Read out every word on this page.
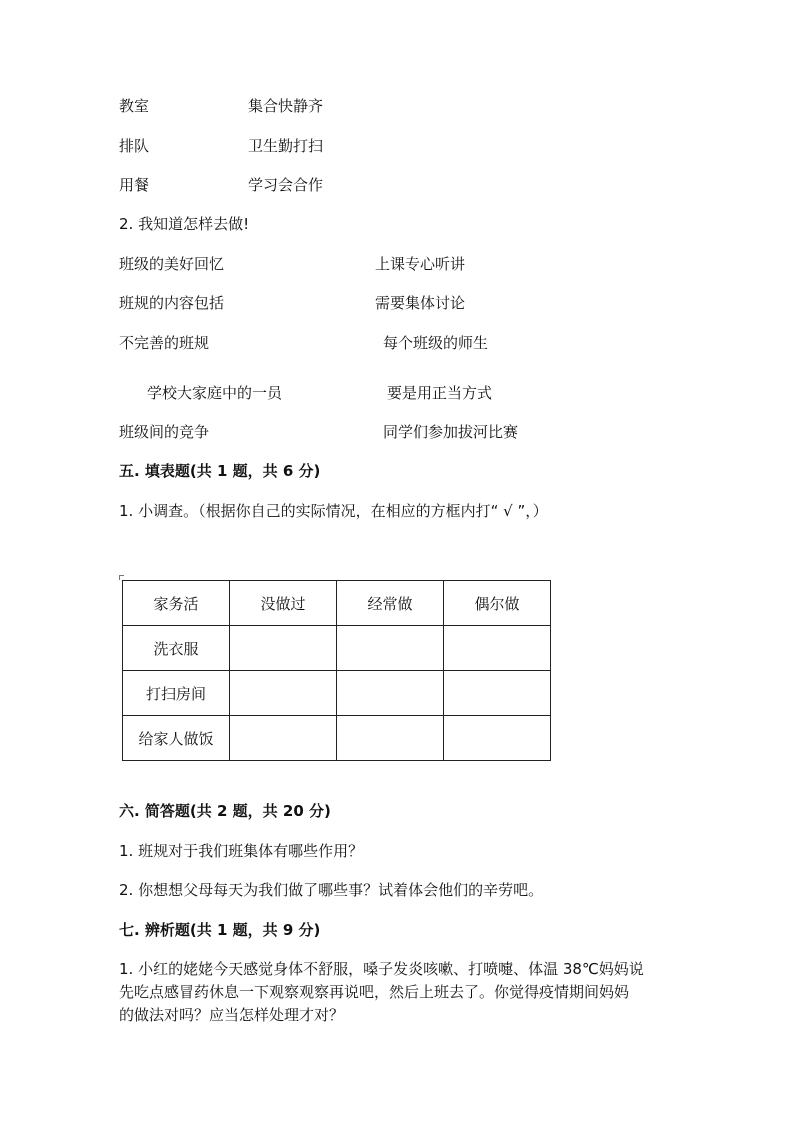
教室	集合快静齐
排队	卫生勤打扫
用餐	学习会合作
2. 我知道怎样去做!
班级的美好回忆	上课专心听讲
班规的内容包括	需要集体讨论
不完善的班规	每个班级的师生
学校大家庭中的一员	要是用正当方式
班级间的竞争	同学们参加拔河比赛
五. 填表题(共 1 题，共 6 分)
1. 小调查。（根据你自己的实际情况，在相应的方框内打“ √ ”，）
家务活	没做过	经常做	偶尔做
洗衣服			
打扫房间			
给家人做饭			
六. 简答题(共 2 题，共 20 分)
1. 班规对于我们班集体有哪些作用？
2. 你想想父母每天为我们做了哪些事？试着体会他们的辛劳吧。
七. 辨析题(共 1 题，共 9 分)
1. 小红的姥姥今天感觉身体不舒服，嗓子发炎咳嗽、打喷嚏、体温 38℃妈妈说
先吃点感冒药休息一下观察观察再说吧，然后上班去了。你觉得疫情期间妈妈
的做法对吗？应当怎样处理才对？
